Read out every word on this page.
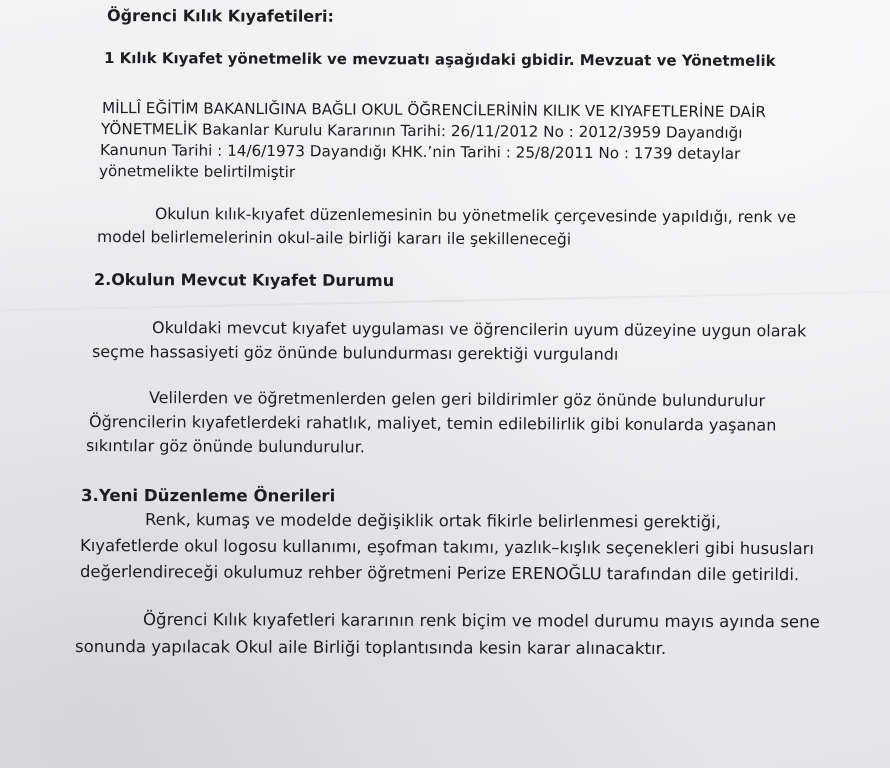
Öğrenci Kılık Kıyafetileri:
1 Kılık Kıyafet yönetmelik ve mevzuatı aşağıdaki gbidir. Mevzuat ve Yönetmelik
MİLLÎ EĞİTİM BAKANLIĞINA BAĞLI OKUL ÖĞRENCİLERİNİN KILIK VE KIYAFETLERİNE DAİR
YÖNETMELİK Bakanlar Kurulu Kararının Tarihi: 26/11/2012 No : 2012/3959 Dayandığı
Kanunun Tarihi : 14/6/1973 Dayandığı KHK.’nin Tarihi : 25/8/2011 No : 1739 detaylar
yönetmelikte belirtilmiştir
Okulun kılık-kıyafet düzenlemesinin bu yönetmelik çerçevesinde yapıldığı, renk ve
model belirlemelerinin okul-aile birliği kararı ile şekilleneceği
2.Okulun Mevcut Kıyafet Durumu
Okuldaki mevcut kıyafet uygulaması ve öğrencilerin uyum düzeyine uygun olarak
seçme hassasiyeti göz önünde bulundurması gerektiği vurgulandı
Velilerden ve öğretmenlerden gelen geri bildirimler göz önünde bulundurulur
Öğrencilerin kıyafetlerdeki rahatlık, maliyet, temin edilebilirlik gibi konularda yaşanan
sıkıntılar göz önünde bulundurulur.
3.Yeni Düzenleme Önerileri
Renk, kumaş ve modelde değişiklik ortak fikirle belirlenmesi gerektiği,
Kıyafetlerde okul logosu kullanımı, eşofman takımı, yazlık–kışlık seçenekleri gibi hususları
değerlendireceği okulumuz rehber öğretmeni Perize ERENOĞLU tarafından dile getirildi.
Öğrenci Kılık kıyafetleri kararının renk biçim ve model durumu mayıs ayında sene
sonunda yapılacak Okul aile Birliği toplantısında kesin karar alınacaktır.
